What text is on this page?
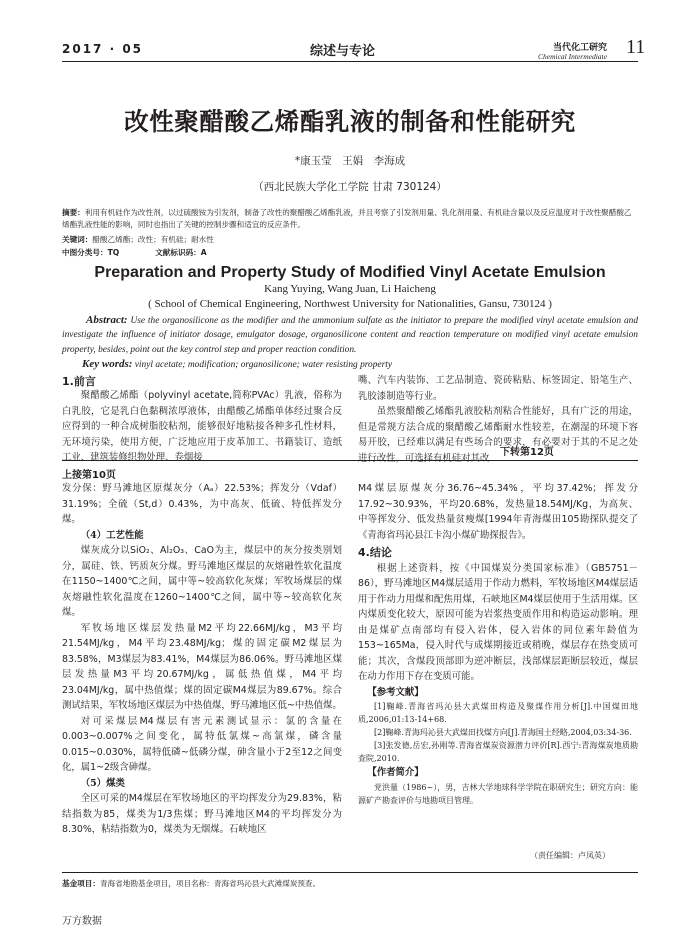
2017 · 05	综述与专论	当代化工研究
Chemical Intermediate 11
改性聚醋酸乙烯酯乳液的制备和性能研究
*康玉莹　王娟　李海成
（西北民族大学化工学院 甘肃 730124）
摘要：利用有机硅作为改性剂，以过硫酸铵为引发剂，制备了改性的聚醋酸乙烯酯乳液，并且考察了引发剂用量、乳化剂用量、有机硅含量以及反应温度对于改性聚醋酸乙烯酯乳液性能的影响，同时也指出了关键的控制步骤和适宜的反应条件。
关键词：醋酸乙烯酯；改性；有机硅；耐水性
中图分类号：TQ	文献标识码：A
Preparation and Property Study of Modified Vinyl Acetate Emulsion
Kang Yuying, Wang Juan, Li Haicheng
( School of Chemical Engineering, Northwest University for Nationalities, Gansu, 730124 )
Abstract: Use the organosilicone as the modifier and the ammonium sulfate as the initiator to prepare the modified vinyl acetate emulsion and investigate the influence of initiator dosage, emulgator dosage, organosilicone content and reaction temperature on modified vinyl acetate emulsion property, besides, point out the key control step and proper reaction condition.
Key words: vinyl acetate; modification; organosilicone; water resisting property
1.前言

聚醋酸乙烯酯（polyvinyl acetate,简称PVAc）乳液，俗称为白乳胶，它是乳白色黏稠浓厚液体，由醋酸乙烯酯单体经过聚合反应得到的一种合成树脂胶粘剂，能够很好地粘接各种多孔性材料，无环境污染，使用方便，广泛地应用于皮革加工、书籍装订、造纸工业、建筑装修织物处理、卷烟接

嘴、汽车内装饰、工艺品制造、瓷砖粘贴、标签固定、铅笔生产、乳胶漆制造等行业。

虽然聚醋酸乙烯酯乳液胶粘剂粘合性能好，具有广泛的用途，但是常规方法合成的聚醋酸乙烯酯耐水性较差，在潮湿的环境下容易开胶，已经难以满足有些场合的要求，有必要对于其的不足之处进行改性，可选择有机硅对其改	下转第12页
上接第10页

发分保：野马滩地区原煤灰分（Aₐ）22.53%；挥发分（Vdaf）31.19%；全硫（St,d）0.43%，为中高灰、低硫、特低挥发分煤。

（4）工艺性能

煤灰成分以SiO₂、Al₂O₃、CaO为主，煤层中的灰分按类别划分，属硅、铁、钙质灰分煤。野马滩地区煤层的灰熔融性软化温度在1150~1400℃之间，属中等~较高软化灰煤；军牧场煤层的煤灰熔融性软化温度在1260~1400℃之间，属中等~较高软化灰煤。

军牧场地区煤层发热量M2平均22.66MJ/kg，M3平均21.54MJ/kg，M4平均23.48MJ/kg；煤的固定碳M2煤层为83.58%，M3煤层为83.41%，M4煤层为86.06%。野马滩地区煤层发热量M3平均20.67MJ/kg，属低热值煤，M4平均23.04MJ/kg，属中热值煤；煤的固定碳M4煤层为89.67%。综合测试结果，军牧场地区煤层为中热值煤，野马滩地区低~中热值煤。

对可采煤层M4煤层有害元素测试显示：氯的含量在0.003~0.007%之间变化，属特低氯煤~高氯煤，磷含量0.015~0.030%，属特低磷~低磷分煤，砷含量小于2至12之间变化，属1~2级含砷煤。

（5）煤类

全区可采的M4煤层在军牧场地区的平均挥发分为29.83%，粘结指数为85，煤类为1/3焦煤；野马滩地区M4的平均挥发分为8.30%，粘结指数为0，煤类为无烟煤。石峡地区

M4煤层原煤灰分36.76~45.34%，平均37.42%；挥发分17.92~30.93%，平均20.68%，发热量18.54MJ/Kg，为高灰、中等挥发分、低发热量贫瘦煤[1994年青海煤田105勘探队提交了《青海省玛沁县江卡沟小煤矿勘探报告》。

4.结论

根据上述资料，按《中国煤炭分类国家标准》（GB5751－86），野马滩地区M4煤层适用于作动力燃料，军牧场地区M4煤层适用于作动力用煤和配焦用煤，石峡地区M4煤层使用于生活用煤。区内煤质变化较大，原因可能为岩浆热变质作用和构造运动影响。理由是煤矿点南部均有侵入岩体，侵入岩体的同位素年龄值为153~165Ma，侵入时代与成煤期接近或稍晚，煤层存在热变质可能；其次，含煤段顶部即为逆冲断层，浅部煤层距断层较近，煤层在动力作用下存在变质可能。

【参考文献】

[1]鞠峰.青海省玛沁县大武煤田构造及聚煤作用分析[J].中国煤田地质,2006,01:13-14+68.

[2]鞠峰.青海玛沁县大武煤田找煤方向[J].青海国土经略,2004,03:34-36.

[3]张发德,岳宏,孙刚等.青海省煤炭资源潜力评价[R].西宁:青海煤炭地质勘查院,2010.

【作者简介】

党洪量（1986~），男，吉林大学地球科学学院在职研究生；研究方向：能源矿产勘查评价与地勘项目管理。

（责任编辑：卢凤英）
基金项目：青海省地勘基金项目，项目名称：青海省玛沁县大武滩煤炭预查。
万方数据
